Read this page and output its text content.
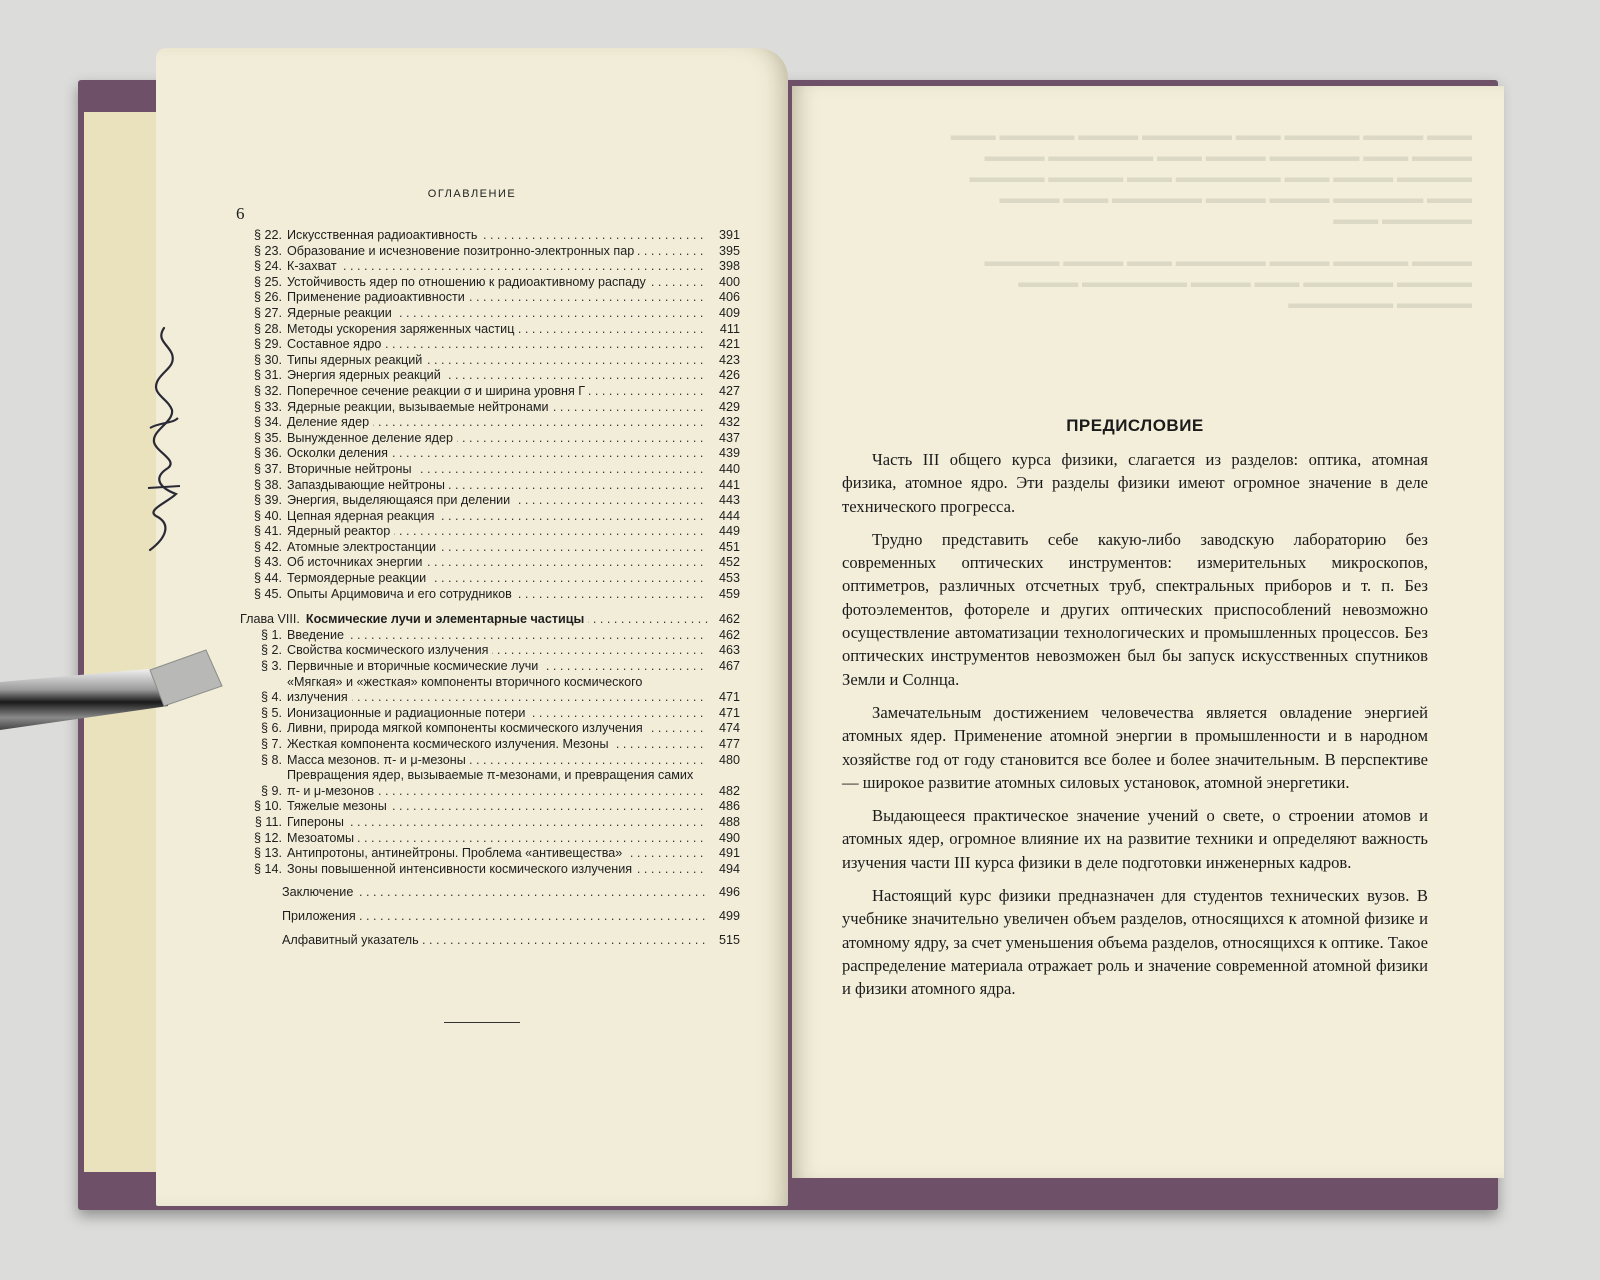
6
ОГЛАВЛЕНИЕ
§ 22. Искусственная радиоактивность . . .	391
§ 23. Образование и исчезновение позитронно-электронных пар . . .	395
§ 24. К-захват . . .	398
§ 25. Устойчивость ядер по отношению к радиоактивному распаду . . .	400
§ 26. Применение радиоактивности . . .	406
§ 27. Ядерные реакции . . .	409
§ 28. Методы ускорения заряженных частиц . . .	411
§ 29. Составное ядро . . .	421
§ 30. Типы ядерных реакций . . .	423
§ 31. Энергия ядерных реакций . . .	426
§ 32. Поперечное сечение реакции σ и ширина уровня Γ . . .	427
§ 33. Ядерные реакции, вызываемые нейтронами . . .	429
§ 34. Деление ядер . . .	432
§ 35. Вынужденное деление ядер . . .	437
§ 36. Осколки деления . . .	439
§ 37. Вторичные нейтроны . . .	440
§ 38. Запаздывающие нейтроны . . .	441
§ 39. Энергия, выделяющаяся при делении . . .	443
§ 40. Цепная ядерная реакция . . .	444
§ 41. Ядерный реактор . . .	449
§ 42. Атомные электростанции . . .	451
§ 43. Об источниках энергии . . .	452
§ 44. Термоядерные реакции . . .	453
§ 45. Опыты Арцимовича и его сотрудников . . .	459
Глава VIII. Космические лучи и элементарные частицы . . .	462
§ 1. Введение . . .	462
§ 2. Свойства космического излучения . . .	463
§ 3. Первичные и вторичные космические лучи . . .	467
§ 4.
«Мягкая» и «жесткая» компоненты вторичного космического излучения . . .	471
§ 5. Ионизационные и радиационные потери . . .	471
§ 6. Ливни, природа мягкой компоненты космического излучения . . .	474
§ 7. Жесткая компонента космического излучения. Мезоны . . .	477
§ 8. Масса мезонов. π- и μ-мезоны . . .	480
§ 9.
Превращения ядер, вызываемые π-мезонами, и превращения самих π- и μ-мезонов . . .	482
§ 10. Тяжелые мезоны . . .	486
§ 11. Гипероны . . .	488
§ 12. Мезоатомы . . .	490
§ 13. Антипротоны, антинейтроны. Проблема «антивещества» . . .	491
§ 14. Зоны повышенной интенсивности космического излучения . . .	494
Заключение . . .	496
Приложения . . .	499
Алфавитный указатель . . .	515
▬▬▬ ▬▬▬▬ ▬▬▬▬▬ ▬▬▬ ▬▬▬▬▬▬ ▬▬▬▬ ▬▬▬▬▬ ▬▬▬
▬▬▬▬ ▬▬▬ ▬▬▬▬▬▬ ▬▬▬▬ ▬▬▬ ▬▬▬▬▬▬▬ ▬▬▬▬
▬▬▬▬▬ ▬▬▬▬ ▬▬▬ ▬▬▬▬▬▬▬ ▬▬▬ ▬▬▬▬▬ ▬▬▬▬▬
▬▬▬ ▬▬▬▬▬▬ ▬▬▬▬ ▬▬▬▬ ▬▬▬▬▬▬ ▬▬▬ ▬▬▬▬
▬▬▬▬▬▬ ▬▬▬

▬▬▬▬ ▬▬▬▬▬ ▬▬▬▬ ▬▬▬▬▬▬ ▬▬▬ ▬▬▬▬ ▬▬▬▬▬
▬▬▬▬▬ ▬▬▬▬▬▬ ▬▬▬ ▬▬▬▬ ▬▬▬▬▬▬▬ ▬▬▬▬
▬▬▬▬▬ ▬▬▬▬▬▬▬
ПРЕДИСЛОВИЕ

Часть III общего курса физики, слагается из разделов: оптика, атомная физика, атомное ядро. Эти разделы физики имеют огромное значение в деле технического прогресса.

Трудно представить себе какую-либо заводскую лабораторию без современных оптических инструментов: измерительных микроскопов, оптиметров, различных отсчетных труб, спектральных приборов и т. п. Без фотоэлементов, фотореле и других оптических приспособлений невозможно осуществление автоматизации технологических и промышленных процессов. Без оптических инструментов невозможен был бы запуск искусственных спутников Земли и Солнца.

Замечательным достижением человечества является овладение энергией атомных ядер. Применение атомной энергии в промышленности и в народном хозяйстве год от году становится все более и более значительным. В перспективе — широкое развитие атомных силовых установок, атомной энергетики.

Выдающееся практическое значение учений о свете, о строении атомов и атомных ядер, огромное влияние их на развитие техники и определяют важность изучения части III курса физики в деле подготовки инженерных кадров.

Настоящий курс физики предназначен для студентов технических вузов. В учебнике значительно увеличен объем разделов, относящихся к атомной физике и атомному ядру, за счет уменьшения объема разделов, относящихся к оптике. Такое распределение материала отражает роль и значение современной атомной физики и физики атомного ядра.
